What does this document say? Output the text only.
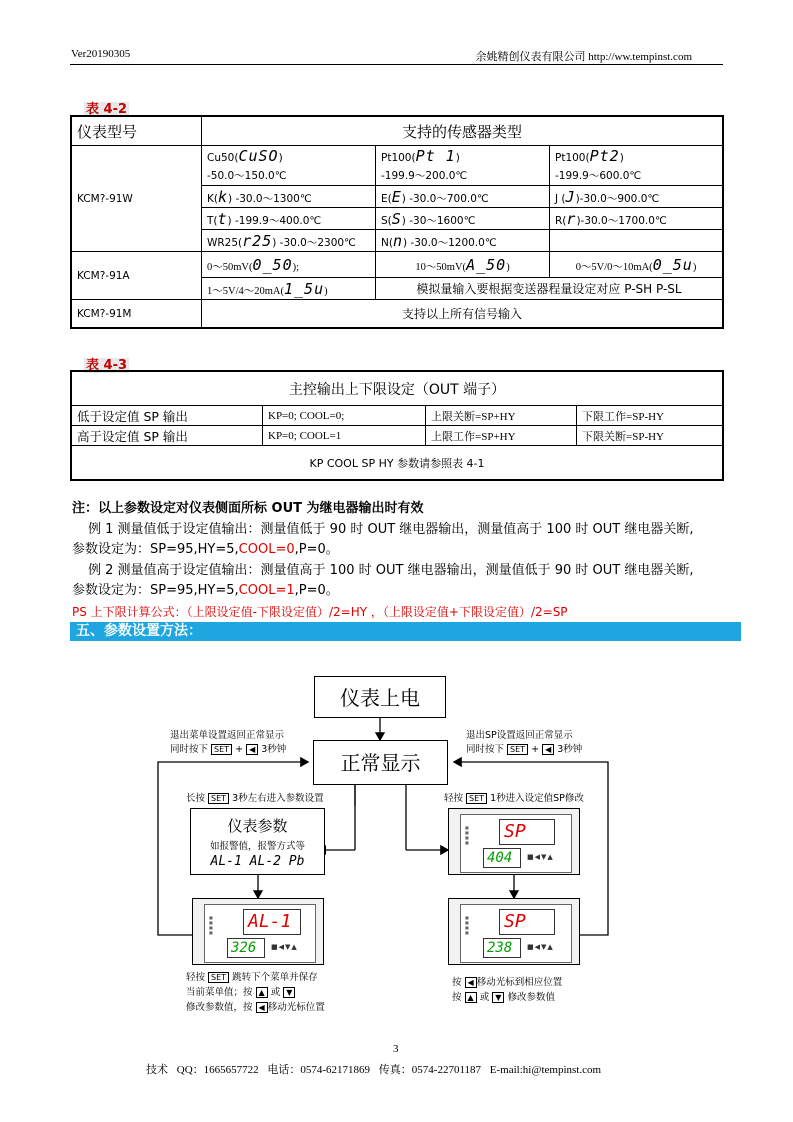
Ver20190305	余姚精创仪表有限公司 http://ww.tempinst.com
表 4-2
仪表型号	支持的传感器类型		
KCM?-91W	Cu50(CuSO)	Pt100(Pt 1)	Pt100(Pt2)
	-50.0～150.0℃	-199.9～200.0℃	-199.9～600.0℃
	K(k) -30.0～1300℃	E(E) -30.0～700.0℃	J (J)-30.0～900.0℃
	T(t) -199.9～400.0℃	S(S) -30～1600℃	R(r)-30.0～1700.0℃
	WR25(r25) -30.0～2300℃	N(n) -30.0～1200.0℃	
KCM?-91A	0～50mV(0_50);	10～50mV(A_50)	0～5V/0～10mA(0_5u)
	1～5V/4～20mA(1_5u)	模拟量输入要根据变送器程量设定对应 P-SH P-SL	
KCM?-91M	支持以上所有信号输入		
表 4-3
主控输出上下限设定（OUT 端子）			
低于设定值 SP 输出	KP=0; COOL=0;	上限关断=SP+HY	下限工作=SP-HY
高于设定值 SP 输出	KP=0; COOL=1	上限工作=SP+HY	下限关断=SP-HY
KP COOL SP HY 参数请参照表 4-1			
注：以上参数设定对仪表侧面所标 OUT 为继电器输出时有效
例 1 测量值低于设定值输出：测量值低于 90 时 OUT 继电器输出，测量值高于 100 时 OUT 继电器关断,
参数设定为：SP=95,HY=5,COOL=0,P=0。
例 2 测量值高于设定值输出：测量值高于 100 时 OUT 继电器输出，测量值低于 90 时 OUT 继电器关断,
参数设定为：SP=95,HY=5,COOL=1,P=0。
PS 上下限计算公式：（上限设定值-下限设定值）/2=HY ，（上限设定值+下限设定值）/2=SP
五、参数设置方法：
仪表上电
正常显示
退出菜单设置返回正常显示
同时按下 SET + ◀ 3秒钟
退出SP设置返回正常显示
同时按下 SET + ◀ 3秒钟
长按 SET 3秒左右进入参数设置	轻按 SET 1秒进入设定值SP修改
仪表参数
如报警值，报警方式等
AL-1 AL-2 Pb
■
■
■
■
SP
404	■◀▼▲
■
■
■
■
AL-1
326	■◀▼▲
■
■
■
■
SP
238	■◀▼▲
轻按 SET 跳转下个菜单并保存
当前菜单值；按 ▲ 或 ▼
修改参数值，按 ◀ 移动光标位置
按 ◀ 移动光标到相应位置
按 ▲ 或 ▼ 修改参数值
3
技术 QQ：1665657722 电话：0574-62171869 传真：0574-22701187 E-mail:hi@tempinst.com
